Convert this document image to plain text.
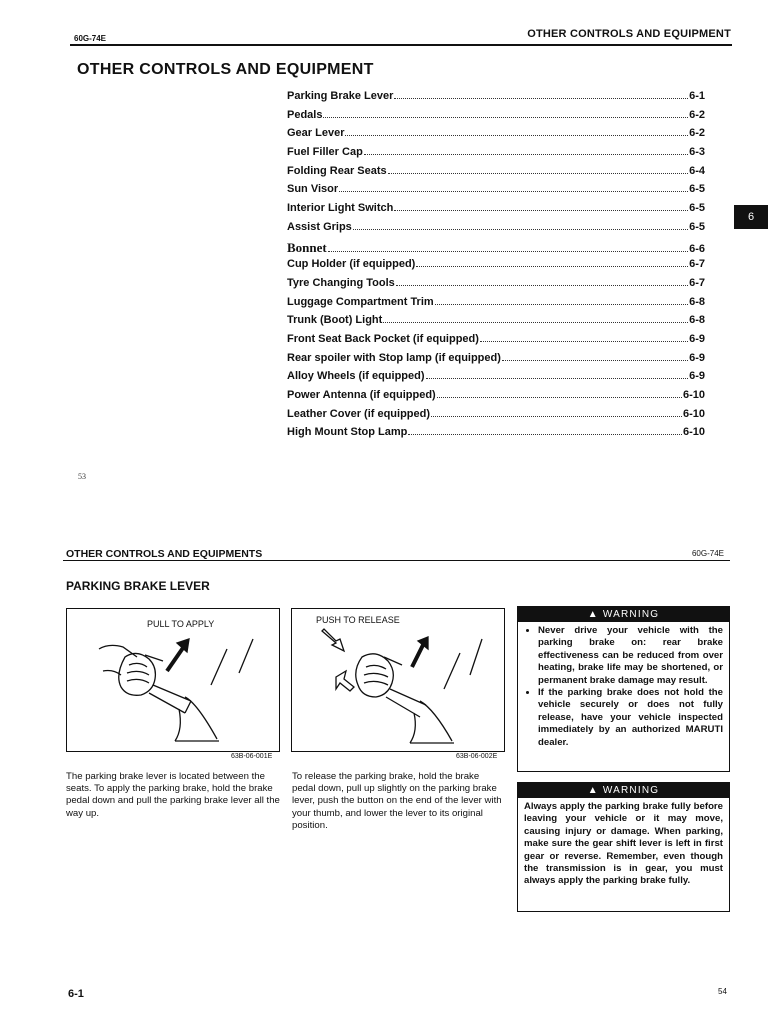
60G-74E	OTHER CONTROLS AND EQUIPMENT
OTHER CONTROLS AND EQUIPMENT
Parking Brake Lever	6-1
Pedals	6-2
Gear Lever	6-2
Fuel Filler Cap	6-3
Folding Rear Seats	6-4
Sun Visor	6-5
Interior Light Switch	6-5
Assist Grips	6-5
Bonnet	6-6
Cup Holder (if equipped)	6-7
Tyre Changing Tools	6-7
Luggage Compartment Trim	6-8
Trunk (Boot) Light	6-8
Front Seat Back Pocket (if equipped)	6-9
Rear spoiler with Stop lamp (if equipped)	6-9
Alloy Wheels (if equipped)	6-9
Power Antenna (if equipped)	6-10
Leather Cover (if equipped)	6-10
High Mount Stop Lamp	6-10
6
53
OTHER CONTROLS AND EQUIPMENTS	60G-74E
PARKING BRAKE LEVER
PULL TO APPLY
63B-06-001E
PUSH TO RELEASE
63B-06-002E
The parking brake lever is located between the seats. To apply the parking brake, hold the brake pedal down and pull the parking brake lever all the way up.
To release the parking brake, hold the brake pedal down, pull up slightly on the parking brake lever, push the button on the end of the lever with your thumb, and lower the lever to its original position.
▲ WARNING
• Never drive your vehicle with the parking brake on: rear brake effectiveness can be reduced from over heating, brake life may be shortened, or permanent brake damage may result.
• If the parking brake does not hold the vehicle securely or does not fully release, have your vehicle inspected immediately by an authorized MARUTI dealer.
▲ WARNING
Always apply the parking brake fully before leaving your vehicle or it may move, causing injury or damage. When parking, make sure the gear shift lever is left in first gear or reverse. Remember, even though the transmission is in gear, you must always apply the parking brake fully.
6-1	54
